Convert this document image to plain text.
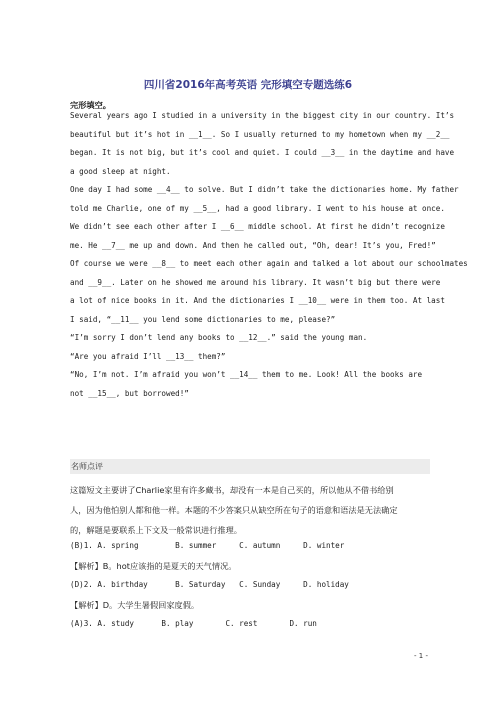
四川省2016年高考英语 完形填空专题选练6
完形填空。
Several years ago I studied in a university in the biggest city in our country. It’s
beautiful but it’s hot in __1__. So I usually returned to my hometown when my __2__
began. It is not big, but it’s cool and quiet. I could __3__ in the daytime and have
a good sleep at night.
One day I had some __4__ to solve. But I didn’t take the dictionaries home. My father
told me Charlie, one of my __5__, had a good library. I went to his house at once.
We didn’t see each other after I __6__ middle school. At first he didn’t recognize
me. He __7__ me up and down. And then he called out, “Oh, dear! It’s you, Fred!”
Of course we were __8__ to meet each other again and talked a lot about our schoolmates
and __9__. Later on he showed me around his library. It wasn’t big but there were
a lot of nice books in it. And the dictionaries I __10__ were in them too. At last
I said, “__11__ you lend some dictionaries to me, please?”
“I’m sorry I don’t lend any books to __12__.” said the young man.
“Are you afraid I’ll __13__ them?”
“No, I’m not. I’m afraid you won’t __14__ them to me. Look! All the books are
not __15__, but borrowed!”
名师点评
这篇短文主要讲了Charlie家里有许多藏书，却没有一本是自己买的，所以他从不借书给别
人，因为他怕别人都和他一样。本题的不少答案只从缺空所在句子的语意和语法是无法确定
的，解题是要联系上下文及一般常识进行推理。
(B)1. A. spring        B. summer     C. autumn     D. winter
【解析】B。hot应该指的是夏天的天气情况。
(D)2. A. birthday      B. Saturday   C. Sunday     D. holiday
【解析】D。大学生暑假回家度假。
(A)3. A. study      B. play       C. rest       D. run
- 1 -
